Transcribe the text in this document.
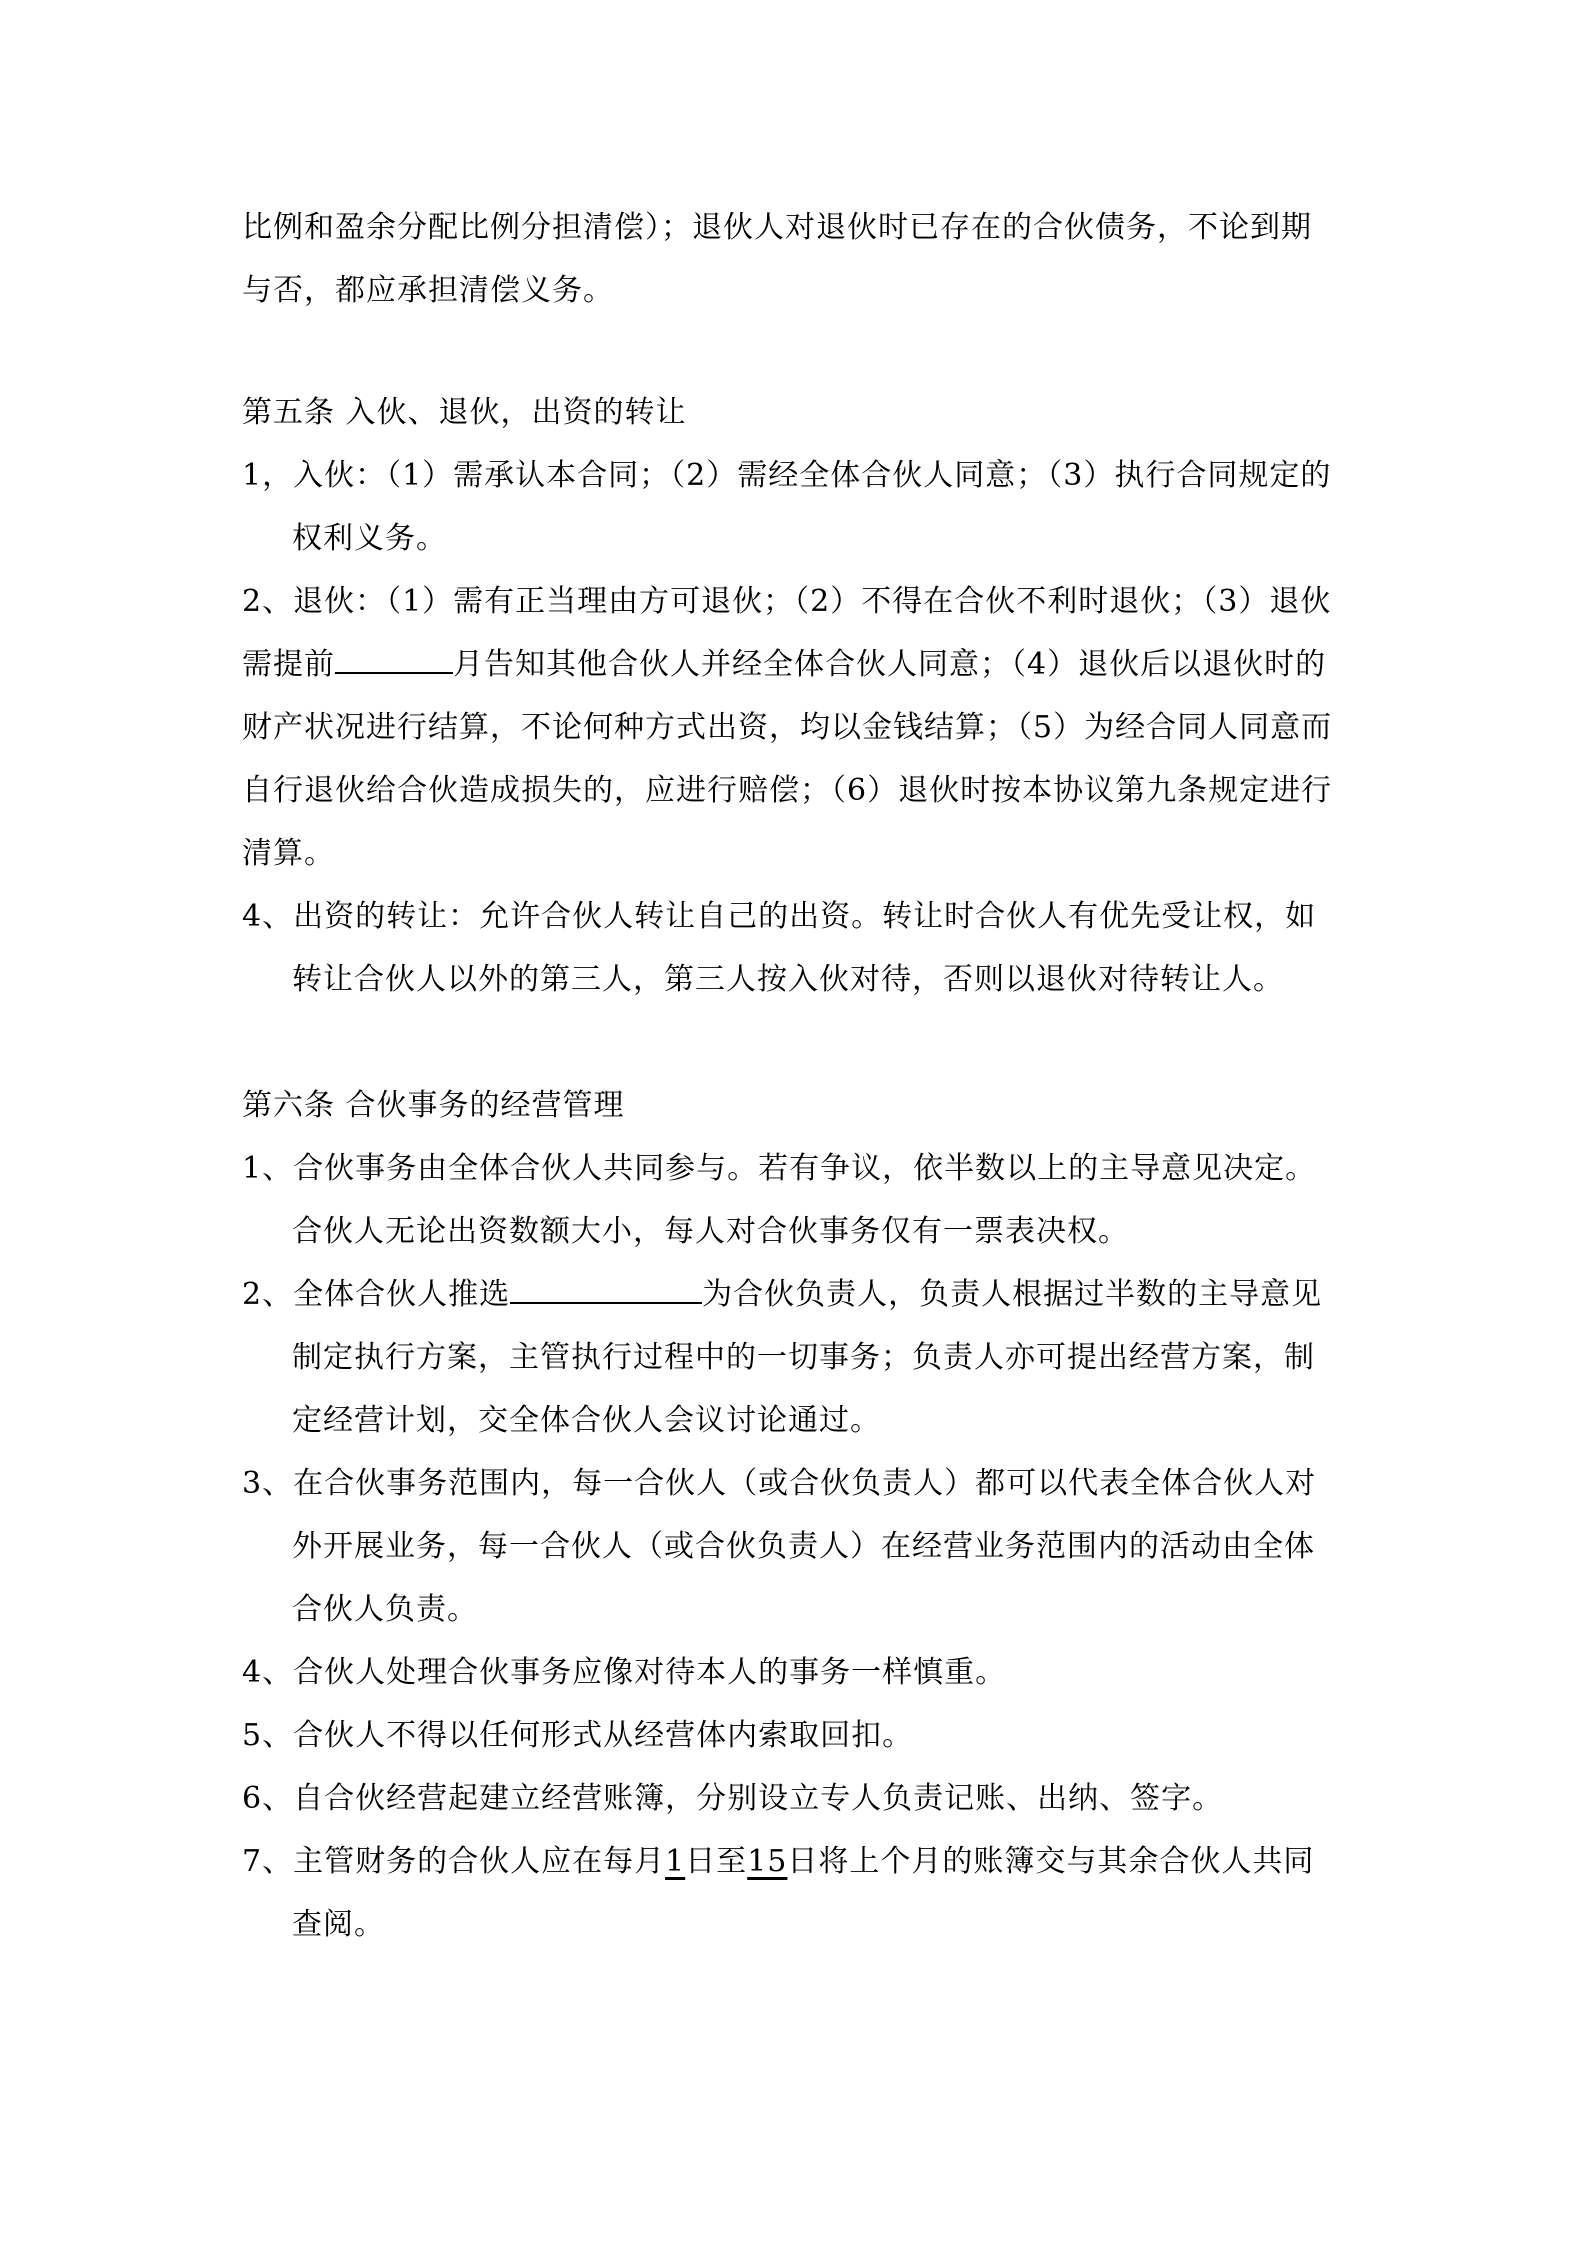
比例和盈余分配比例分担清偿）；退伙人对退伙时已存在的合伙债务，不论到期
与否，都应承担清偿义务。
第五条 入伙、退伙，出资的转让
1，入伙：（1）需承认本合同；（2）需经全体合伙人同意；（3）执行合同规定的
权利义务。
2、退伙：（1）需有正当理由方可退伙；（2）不得在合伙不利时退伙；（3）退伙
需提前	月告知其他合伙人并经全体合伙人同意；（4）退伙后以退伙时的
财产状况进行结算，不论何种方式出资，均以金钱结算；（5）为经合同人同意而
自行退伙给合伙造成损失的，应进行赔偿；（6）退伙时按本协议第九条规定进行
清算。
4、出资的转让：允许合伙人转让自己的出资。转让时合伙人有优先受让权，如
转让合伙人以外的第三人，第三人按入伙对待，否则以退伙对待转让人。
第六条 合伙事务的经营管理
1、合伙事务由全体合伙人共同参与。若有争议，依半数以上的主导意见决定。
合伙人无论出资数额大小，每人对合伙事务仅有一票表决权。
2、全体合伙人推选	为合伙负责人，负责人根据过半数的主导意见
制定执行方案，主管执行过程中的一切事务；负责人亦可提出经营方案，制
定经营计划，交全体合伙人会议讨论通过。
3、在合伙事务范围内，每一合伙人（或合伙负责人）都可以代表全体合伙人对
外开展业务，每一合伙人（或合伙负责人）在经营业务范围内的活动由全体
合伙人负责。
4、合伙人处理合伙事务应像对待本人的事务一样慎重。
5、合伙人不得以任何形式从经营体内索取回扣。
6、自合伙经营起建立经营账簿，分别设立专人负责记账、出纳、签字。
7、主管财务的合伙人应在每月1日至15日将上个月的账簿交与其余合伙人共同
查阅。
